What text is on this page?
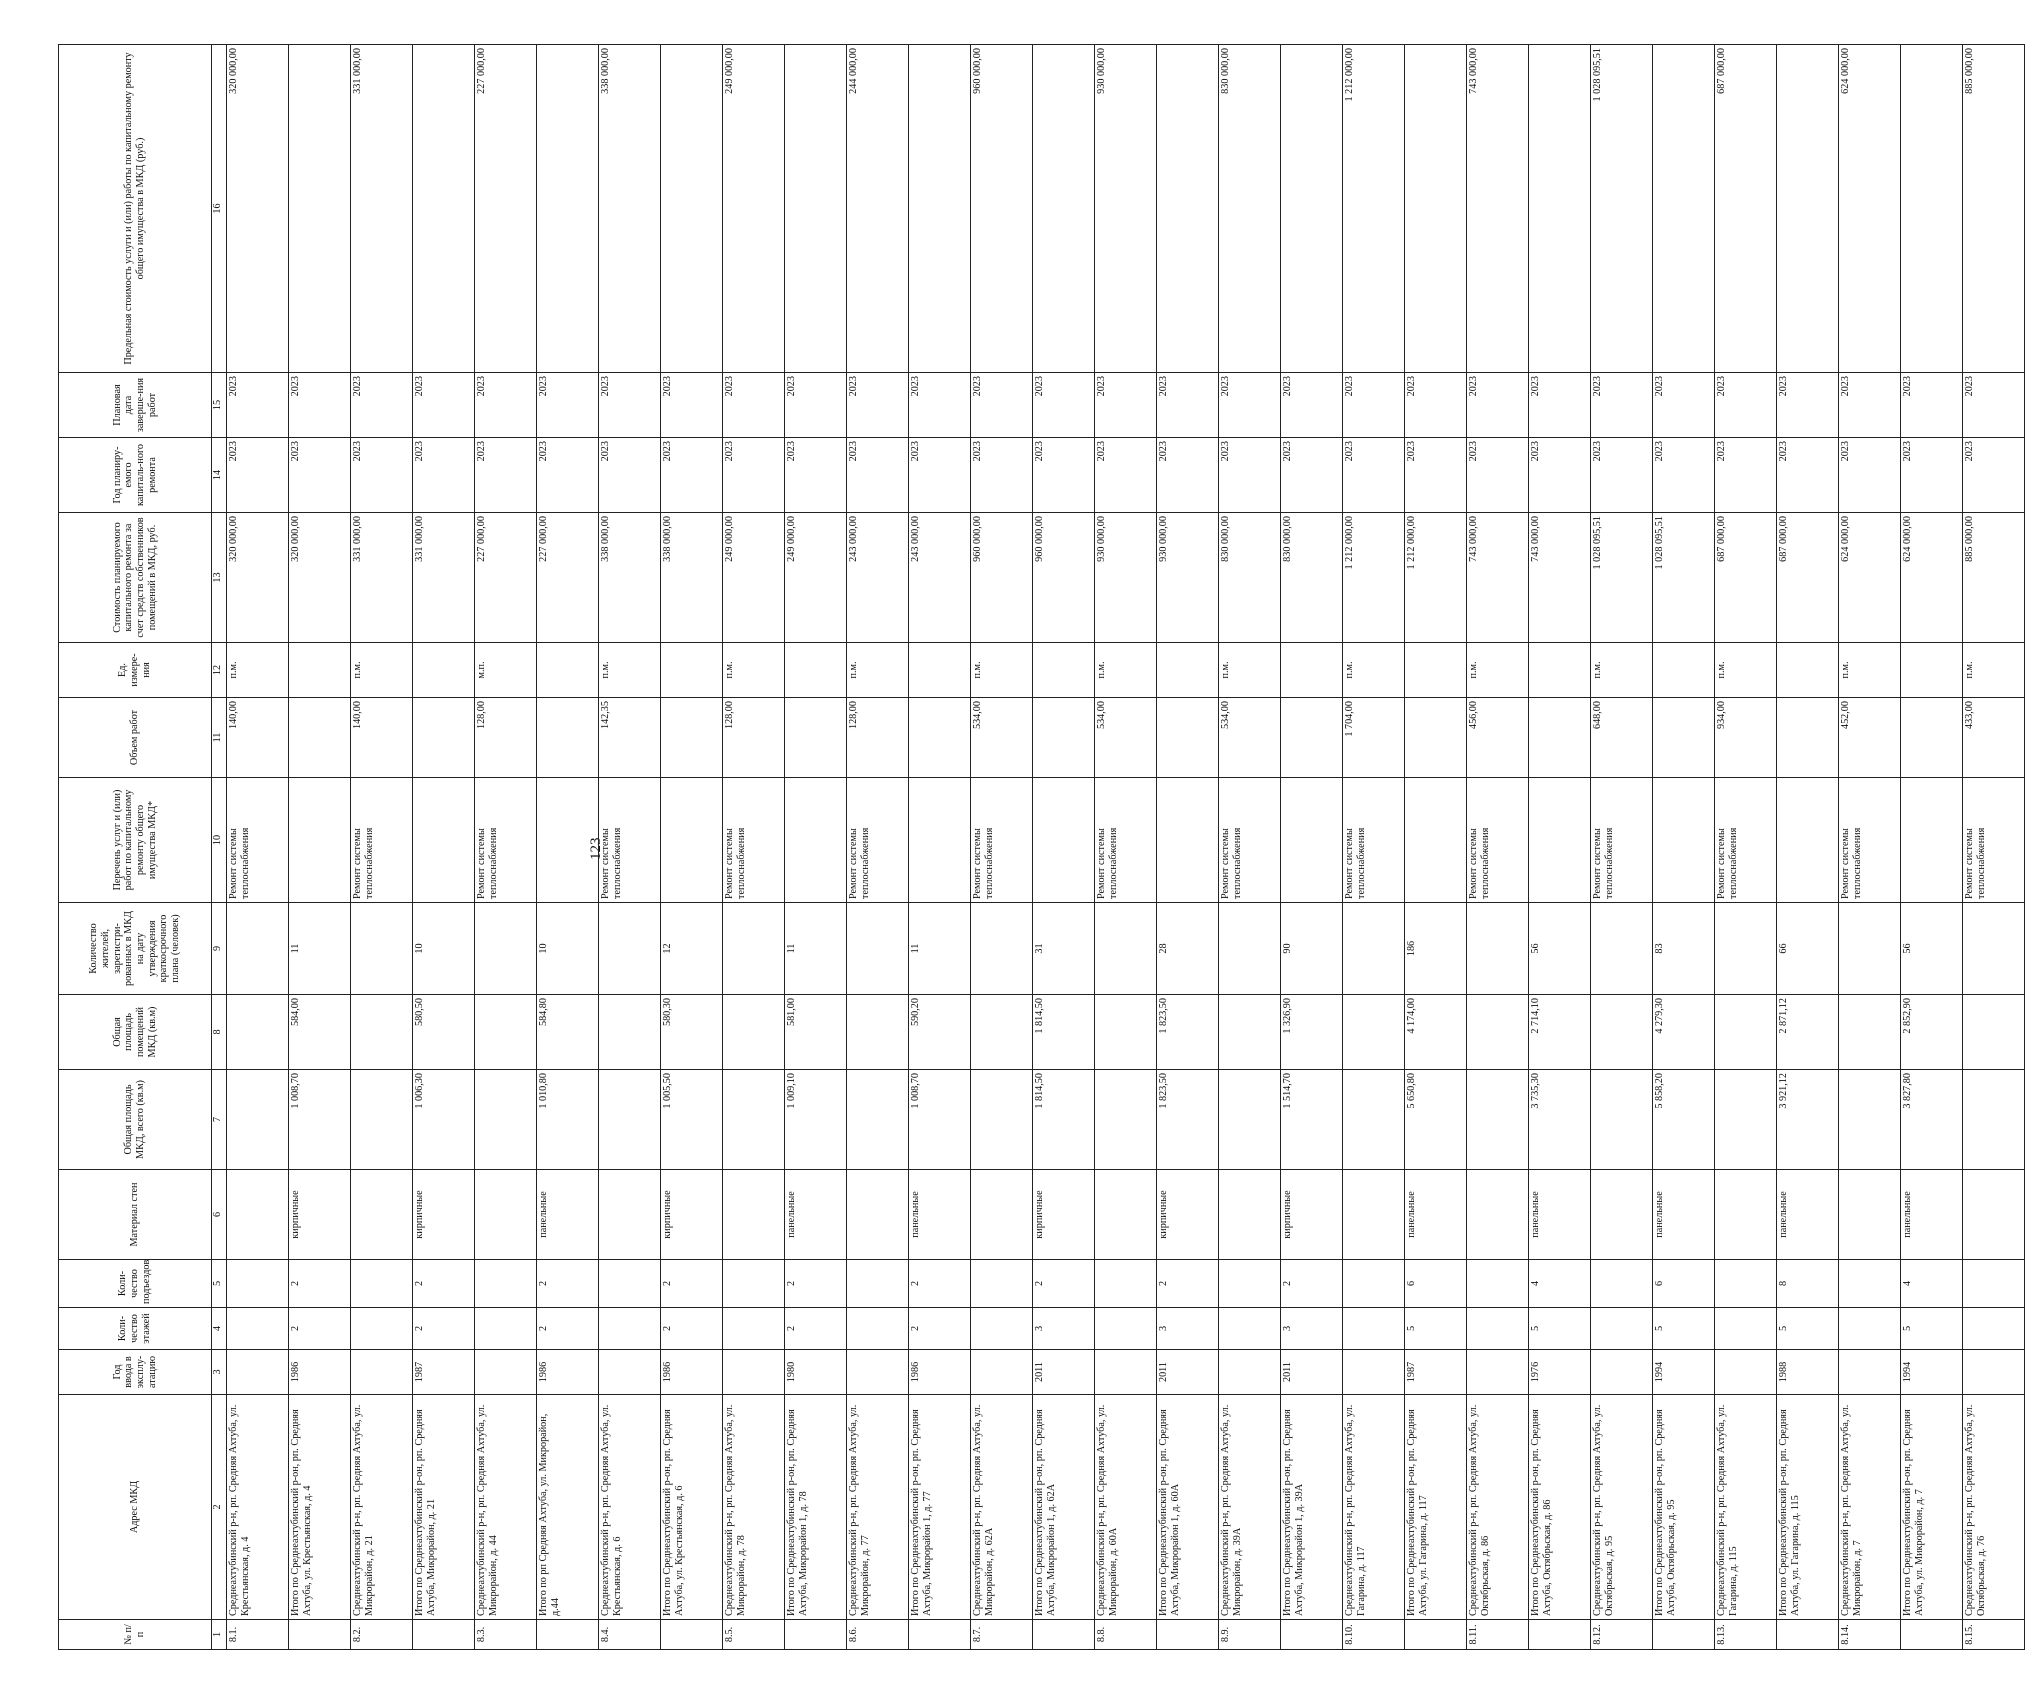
123
№ п/п	Адрес МКД	Год ввода в эксплу-атацию	Коли-чество этажей	Коли-чество подъездов	Материал стен	Общая площадь МКД, всего (кв.м)	Общая площадь помещений МКД (кв.м)	Количество жителей, зарегистри-рованных в МКД на дату утверждения краткосрочного плана (человек)	Перечень услуг и (или) работ по капитальному ремонту общего имущества МКД*	Объем работ	Ед. измере-ния	Стоимость планируемого капитального ремонта за счет средств собственников помещений в МКД, руб.	Год планиру-емого капиталь-ного ремонта	Плановая дата заверше-ния работ	Предельная стоимость услуги и (или) работы по капитальному ремонту общего имущества в МКД (руб.)
1	2	3	4	5	6	7	8	9	10	11	12	13	14	15	16
8.1.	Среднеахтубинский р-н, рп. Средняя Ахтуба, ул. Крестьянская, д. 4								Ремонт системы теплоснабжения	140,00	п.м.	320 000,00	2023	2023	320 000,00
	Итого по Среднеахтубинский р-он, рп. Средняя Ахтуба, ул. Крестьянская, д. 4	1986	2	2	кирпичные	1 008,70	584,00	11				320 000,00	2023	2023	
8.2.	Среднеахтубинский р-н, рп. Средняя Ахтуба, ул. Микрорайон, д. 21								Ремонт системы теплоснабжения	140,00	п.м.	331 000,00	2023	2023	331 000,00
	Итого по Среднеахтубинский р-он, рп. Средняя Ахтуба, Микрорайон, д. 21	1987	2	2	кирпичные	1 006,30	580,50	10				331 000,00	2023	2023	
8.3.	Среднеахтубинский р-н, рп. Средняя Ахтуба, ул. Микрорайон, д. 44								Ремонт системы теплоснабжения	128,00	м.п.	227 000,00	2023	2023	227 000,00
	Итого по рп Средняя Ахтуба, ул. Микрорайон, д.44	1986	2	2	панельные	1 010,80	584,80	10				227 000,00	2023	2023	
8.4.	Среднеахтубинский р-н, рп. Средняя Ахтуба, ул. Крестьянская, д. 6								Ремонт системы теплоснабжения	142,35	п.м.	338 000,00	2023	2023	338 000,00
	Итого по Среднеахтубинский р-он, рп. Средняя Ахтуба, ул. Крестьянская, д. 6	1986	2	2	кирпичные	1 005,50	580,30	12				338 000,00	2023	2023	
8.5.	Среднеахтубинский р-н, рп. Средняя Ахтуба, ул. Микрорайон, д. 78								Ремонт системы теплоснабжения	128,00	п.м.	249 000,00	2023	2023	249 000,00
	Итого по Среднеахтубинский р-он, рп. Средняя Ахтуба, Микрорайон 1, д. 78	1980	2	2	панельные	1 009,10	581,00	11				249 000,00	2023	2023	
8.6.	Среднеахтубинский р-н, рп. Средняя Ахтуба, ул. Микрорайон, д. 77								Ремонт системы теплоснабжения	128,00	п.м.	243 000,00	2023	2023	244 000,00
	Итого по Среднеахтубинский р-он, рп. Средняя Ахтуба, Микрорайон 1, д. 77	1986	2	2	панельные	1 008,70	590,20	11				243 000,00	2023	2023	
8.7.	Среднеахтубинский р-н, рп. Средняя Ахтуба, ул. Микрорайон, д. 62А								Ремонт системы теплоснабжения	534,00	п.м.	960 000,00	2023	2023	960 000,00
	Итого по Среднеахтубинский р-он, рп. Средняя Ахтуба, Микрорайон 1, д. 62А	2011	3	2	кирпичные	1 814,50	1 814,50	31				960 000,00	2023	2023	
8.8.	Среднеахтубинский р-н, рп. Средняя Ахтуба, ул. Микрорайон, д. 60А								Ремонт системы теплоснабжения	534,00	п.м.	930 000,00	2023	2023	930 000,00
	Итого по Среднеахтубинский р-он, рп. Средняя Ахтуба, Микрорайон 1, д. 60А	2011	3	2	кирпичные	1 823,50	1 823,50	28				930 000,00	2023	2023	
8.9.	Среднеахтубинский р-н, рп. Средняя Ахтуба, ул. Микрорайон, д. 39А								Ремонт системы теплоснабжения	534,00	п.м.	830 000,00	2023	2023	830 000,00
	Итого по Среднеахтубинский р-он, рп. Средняя Ахтуба, Микрорайон 1, д. 39А	2011	3	2	кирпичные	1 514,70	1 326,90	90				830 000,00	2023	2023	
8.10.	Среднеахтубинский р-н, рп. Средняя Ахтуба, ул. Гагарина, д. 117								Ремонт системы теплоснабжения	1 704,00	п.м.	1 212 000,00	2023	2023	1 212 000,00
	Итого по Среднеахтубинский р-он, рп. Средняя Ахтуба, ул. Гагарина, д. 117	1987	5	6	панельные	5 650,80	4 174,00	186				1 212 000,00	2023	2023	
8.11.	Среднеахтубинский р-н, рп. Средняя Ахтуба, ул. Октябрьская, д. 86								Ремонт системы теплоснабжения	456,00	п.м.	743 000,00	2023	2023	743 000,00
	Итого по Среднеахтубинский р-он, рп. Средняя Ахтуба, Октябрьская, д. 86	1976	5	4	панельные	3 735,30	2 714,10	56				743 000,00	2023	2023	
8.12.	Среднеахтубинский р-н, рп. Средняя Ахтуба, ул. Октябрьская, д. 95								Ремонт системы теплоснабжения	648,00	п.м.	1 028 095,51	2023	2023	1 028 095,51
	Итого по Среднеахтубинский р-он, рп. Средняя Ахтуба, Октябрьская, д. 95	1994	5	6	панельные	5 858,20	4 279,30	83				1 028 095,51	2023	2023	
8.13.	Среднеахтубинский р-н, рп. Средняя Ахтуба, ул. Гагарина, д. 115								Ремонт системы теплоснабжения	934,00	п.м.	687 000,00	2023	2023	687 000,00
	Итого по Среднеахтубинский р-он, рп. Средняя Ахтуба, ул. Гагарина, д. 115	1988	5	8	панельные	3 921,12	2 871,12	66				687 000,00	2023	2023	
8.14.	Среднеахтубинский р-н, рп. Средняя Ахтуба, ул. Микрорайон, д. 7								Ремонт системы теплоснабжения	452,00	п.м.	624 000,00	2023	2023	624 000,00
	Итого по Среднеахтубинский р-он, рп. Средняя Ахтуба, ул. Микрорайон, д. 7	1994	5	4	панельные	3 827,80	2 852,90	56				624 000,00	2023	2023	
8.15.	Среднеахтубинский р-н, рп. Средняя Ахтуба, ул. Октябрьская, д. 76								Ремонт системы теплоснабжения	433,00	п.м.	885 000,00	2023	2023	885 000,00
